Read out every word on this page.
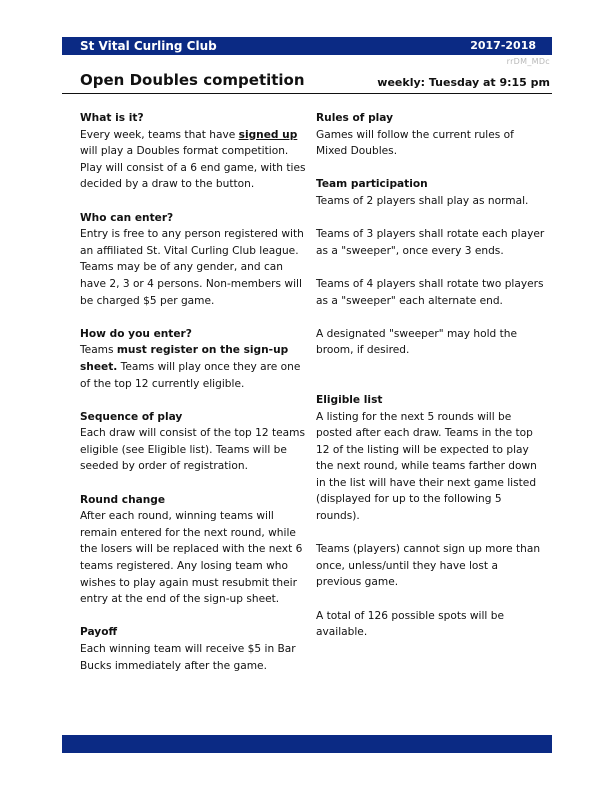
St Vital Curling Club	2017-2018
rrDM_MDc
Open Doubles competition	weekly: Tuesday at 9:15 pm
What is it?

Every week, teams that have signed up will play a Doubles format competition. Play will consist of a 6 end game, with ties decided by a draw to the button.

Who can enter?

Entry is free to any person registered with an affiliated St. Vital Curling Club league. Teams may be of any gender, and can have 2, 3 or 4 persons. Non-members will be charged $5 per game.

How do you enter?

Teams must register on the sign-up sheet. Teams will play once they are one of the top 12 currently eligible.

Sequence of play

Each draw will consist of the top 12 teams eligible (see Eligible list). Teams will be seeded by order of registration.

Round change

After each round, winning teams will remain entered for the next round, while the losers will be replaced with the next 6 teams registered. Any losing team who wishes to play again must resubmit their entry at the end of the sign-up sheet.

Payoff

Each winning team will receive $5 in Bar Bucks immediately after the game.

Rules of play

Games will follow the current rules of Mixed Doubles.

Team participation

Teams of 2 players shall play as normal.

Teams of 3 players shall rotate each player as a "sweeper", once every 3 ends.

Teams of 4 players shall rotate two players as a "sweeper" each alternate end.

A designated "sweeper" may hold the broom, if desired.

Eligible list

A listing for the next 5 rounds will be posted after each draw. Teams in the top 12 of the listing will be expected to play the next round, while teams farther down in the list will have their next game listed (displayed for up to the following 5 rounds).

Teams (players) cannot sign up more than once, unless/until they have lost a previous game.

A total of 126 possible spots will be available.
